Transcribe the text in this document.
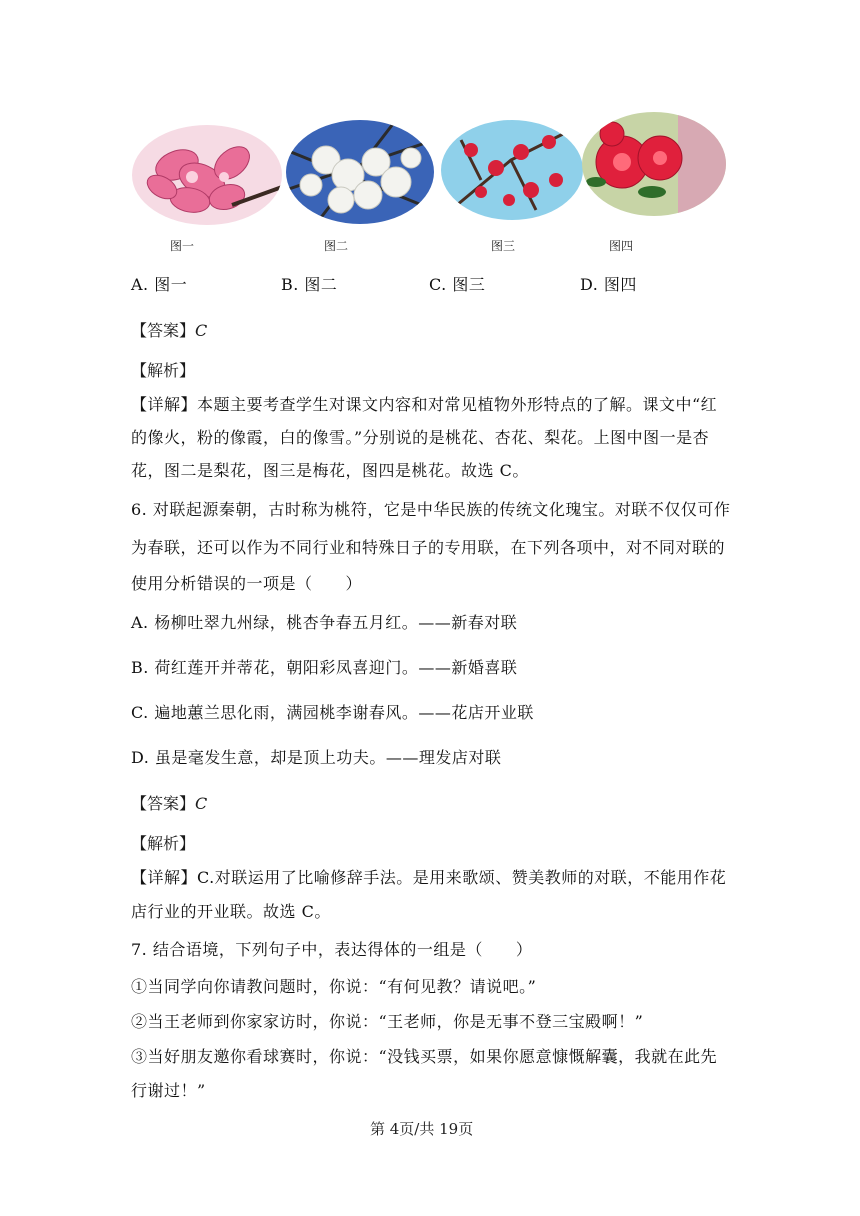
图一	图二	图三	图四
A. 图一	B. 图二	C. 图三	D. 图四
【答案】C
【解析】
【详解】本题主要考查学生对课文内容和对常见植物外形特点的了解。课文中“红
的像火，粉的像霞，白的像雪。”分别说的是桃花、杏花、梨花。上图中图一是杏
花，图二是梨花，图三是梅花，图四是桃花。故选 C。
6. 对联起源秦朝，古时称为桃符，它是中华民族的传统文化瑰宝。对联不仅仅可作
为春联，还可以作为不同行业和特殊日子的专用联，在下列各项中，对不同对联的
使用分析错误的一项是（　　）
A. 杨柳吐翠九州绿，桃杏争春五月红。——新春对联
B. 荷红莲开并蒂花，朝阳彩凤喜迎门。——新婚喜联
C. 遍地蕙兰思化雨，满园桃李谢春风。——花店开业联
D. 虽是毫发生意，却是顶上功夫。——理发店对联
【答案】C
【解析】
【详解】C.对联运用了比喻修辞手法。是用来歌颂、赞美教师的对联，不能用作花
店行业的开业联。故选 C。
7. 结合语境，下列句子中，表达得体的一组是（　　）
①当同学向你请教问题时，你说：“有何见教？请说吧。”
②当王老师到你家家访时，你说：“王老师，你是无事不登三宝殿啊！”
③当好朋友邀你看球赛时，你说：“没钱买票，如果你愿意慷慨解囊，我就在此先
行谢过！”
第 4页/共 19页
